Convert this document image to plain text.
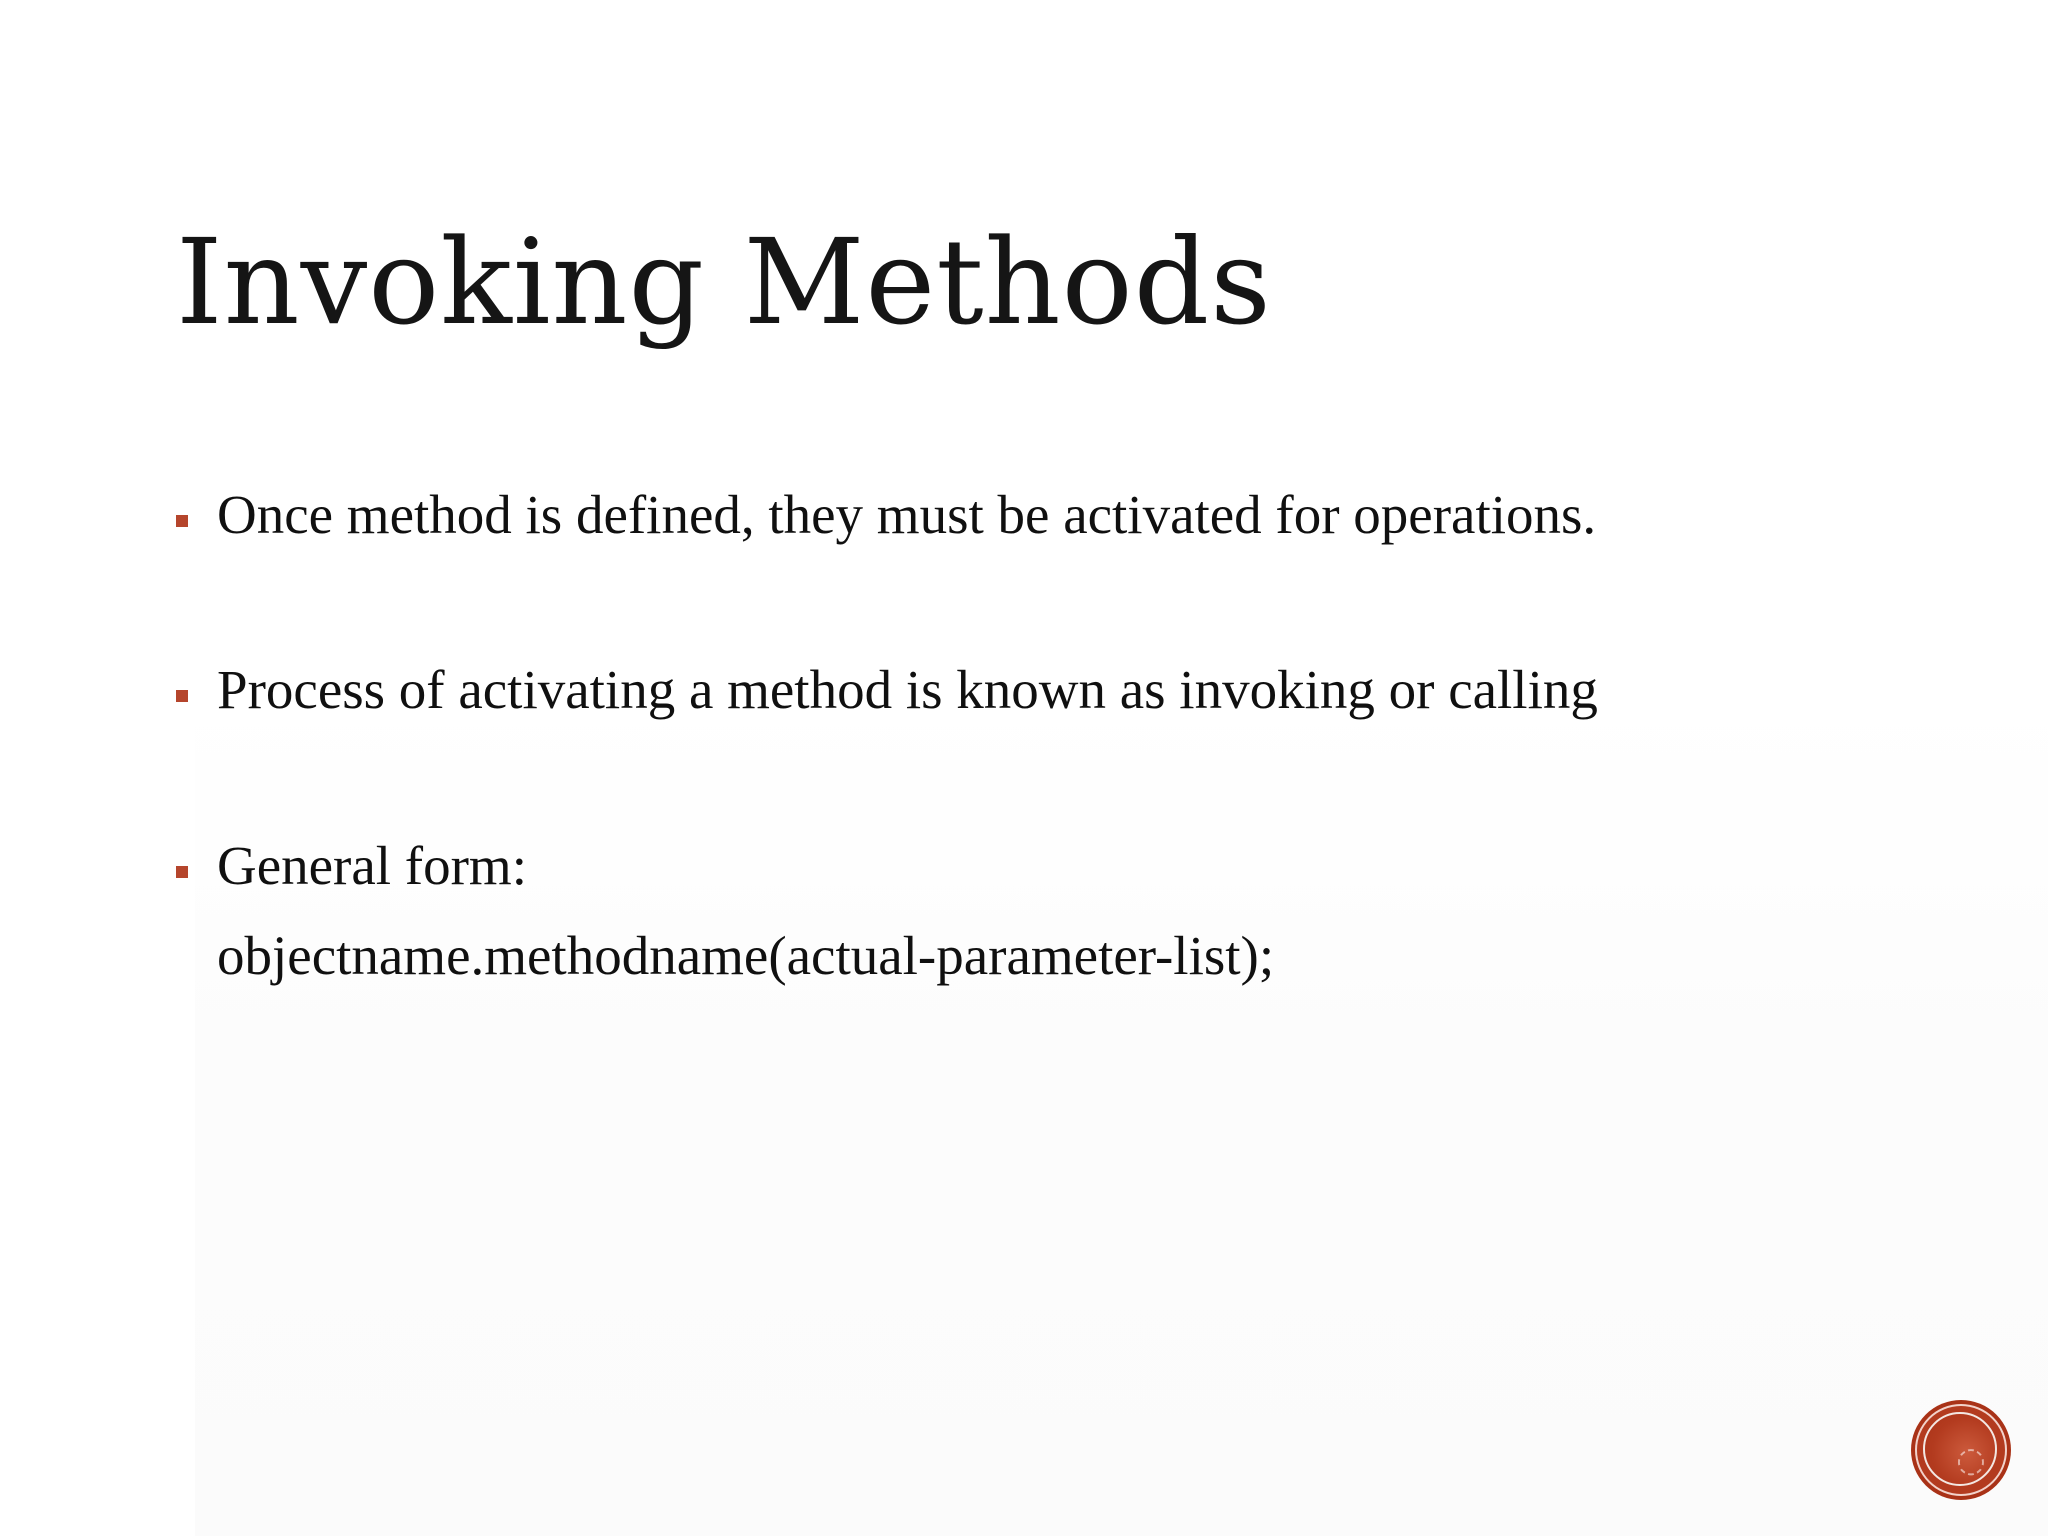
Invoking Methods
Once method is defined, they must be activated for operations.
Process of activating a method is known as invoking or calling
General form:
objectname.methodname(actual-parameter-list);
◌
